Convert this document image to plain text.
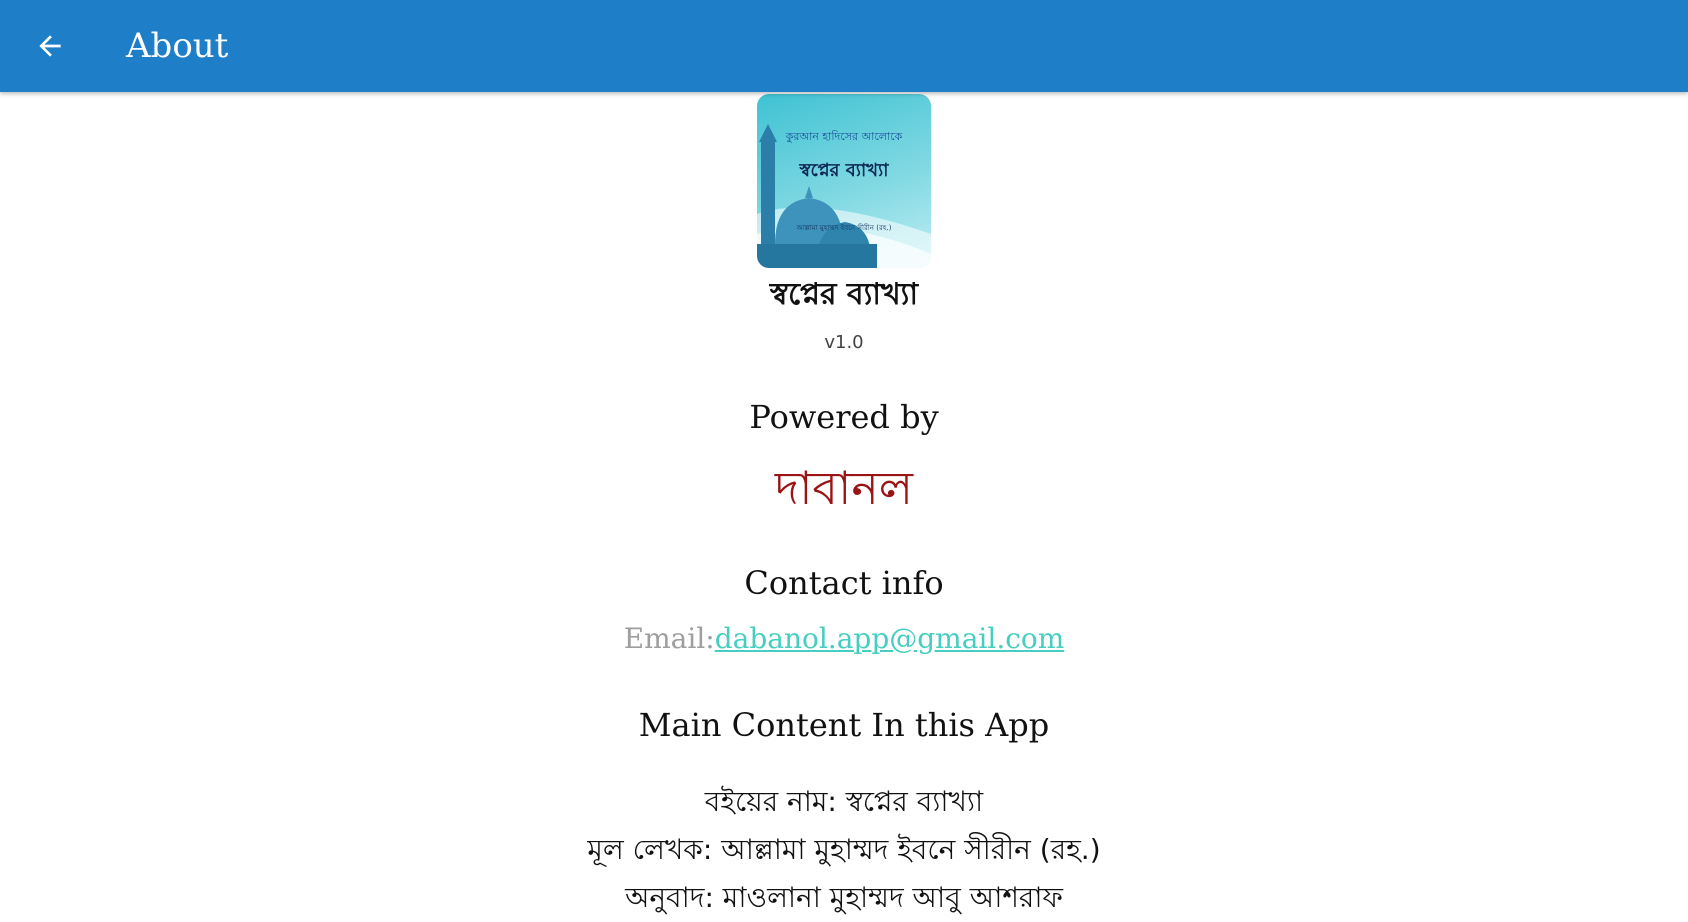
About
কুরআন হাদিসের আলোকে
স্বপ্নের ব্যাখ্যা
আল্লামা মুহাম্মদ ইবনে সীরীন (রহ.)
স্বপ্নের ব্যাখ্যা
v1.0
Powered by
দাবানল
Contact info
Email:dabanol.app@gmail.com
Main Content In this App
বইয়ের নাম: স্বপ্নের ব্যাখ্যা
মূল লেখক: আল্লামা মুহাম্মদ ইবনে সীরীন (রহ.)
অনুবাদ: মাওলানা মুহাম্মদ আবু আশরাফ
